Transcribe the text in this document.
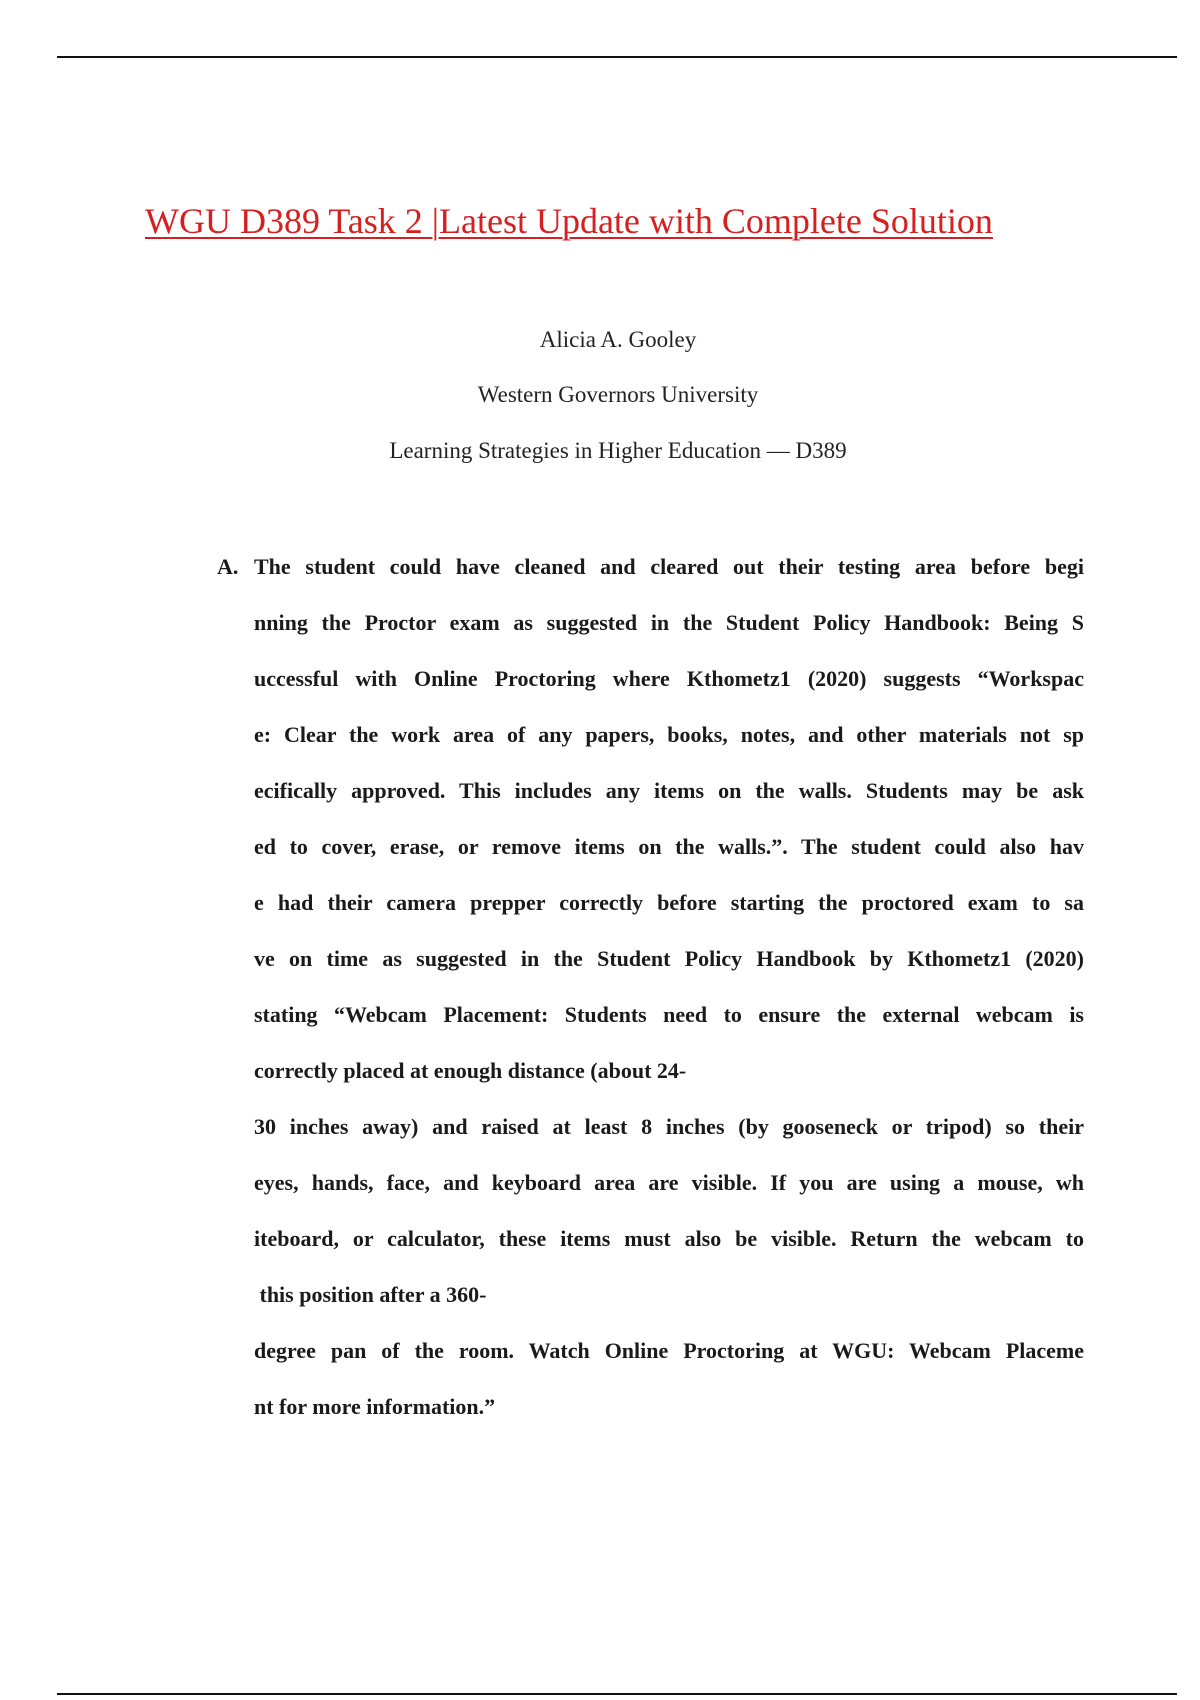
WGU D389 Task 2 |Latest Update with Complete Solution
Alicia A. Gooley
Western Governors University
Learning Strategies in Higher Education — D389
A. The student could have cleaned and cleared out their testing area before begi
nning the Proctor exam as suggested in the Student Policy Handbook: Being S
uccessful with Online Proctoring where Kthometz1 (2020) suggests “Workspac
e: Clear the work area of any papers, books, notes, and other materials not sp
ecifically approved. This includes any items on the walls. Students may be ask
ed to cover, erase, or remove items on the walls.”. The student could also hav
e had their camera prepper correctly before starting the proctored exam to sa
ve on time as suggested in the Student Policy Handbook by Kthometz1 (2020)
stating “Webcam Placement: Students need to ensure the external webcam is
correctly placed at enough distance (about 24-
30 inches away) and raised at least 8 inches (by gooseneck or tripod) so their
eyes, hands, face, and keyboard area are visible. If you are using a mouse, wh
iteboard, or calculator, these items must also be visible. Return the webcam to
this position after a 360-
degree pan of the room. Watch Online Proctoring at WGU: Webcam Placeme
nt for more information.”
